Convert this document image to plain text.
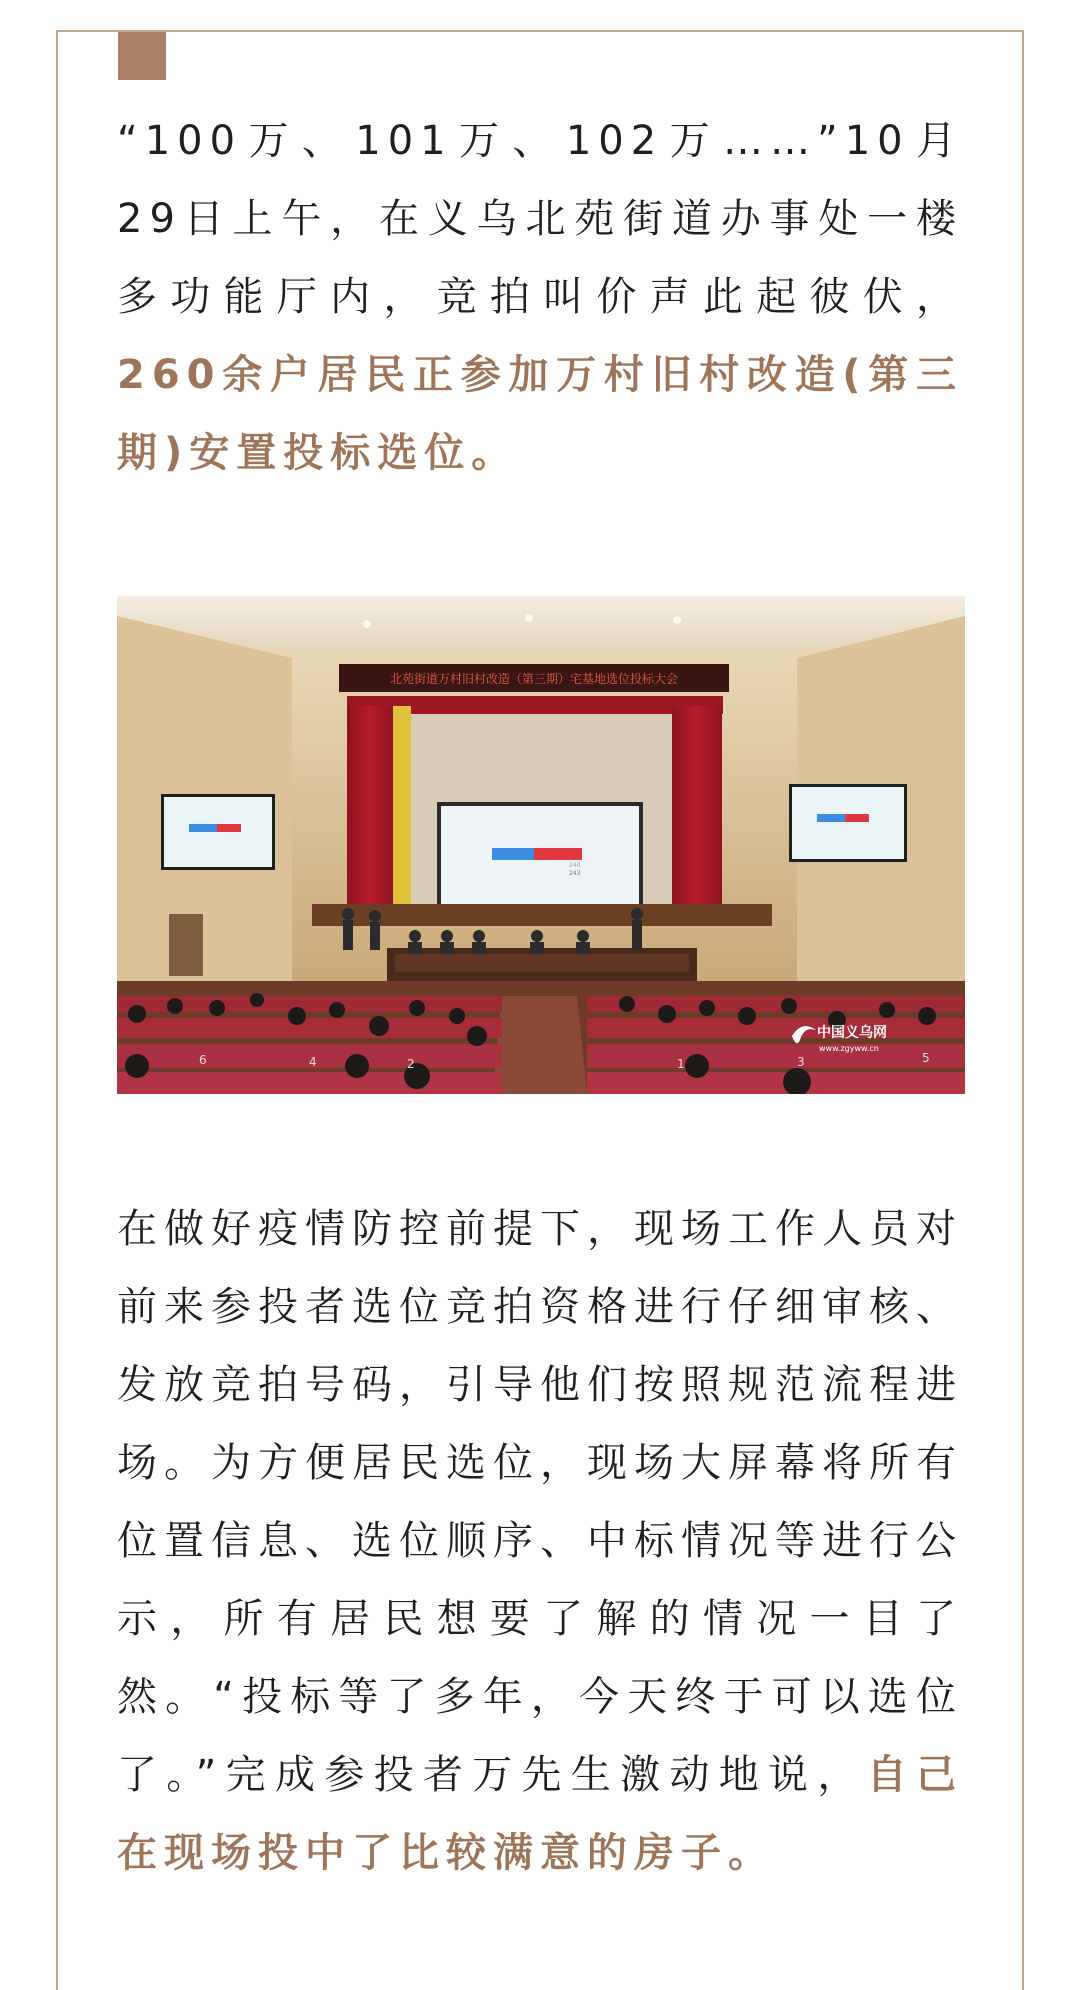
“100万、101万、102万……”10月29日上午，在义乌北苑街道办事处一楼多功能厅内，竞拍叫价声此起彼伏，260余户居民正参加万村旧村改造(第三期)安置投标选位。

北苑街道万村旧村改造（第三期）宅基地选位投标大会
243
240
6	4	2	1	3	5
中国义乌网
www.zgyww.cn

在做好疫情防控前提下，现场工作人员对前来参投者选位竞拍资格进行仔细审核、发放竞拍号码，引导他们按照规范流程进场。为方便居民选位，现场大屏幕将所有位置信息、选位顺序、中标情况等进行公示，所有居民想要了解的情况一目了然。“投标等了多年，今天终于可以选位了。”完成参投者万先生激动地说，自己在现场投中了比较满意的房子。
